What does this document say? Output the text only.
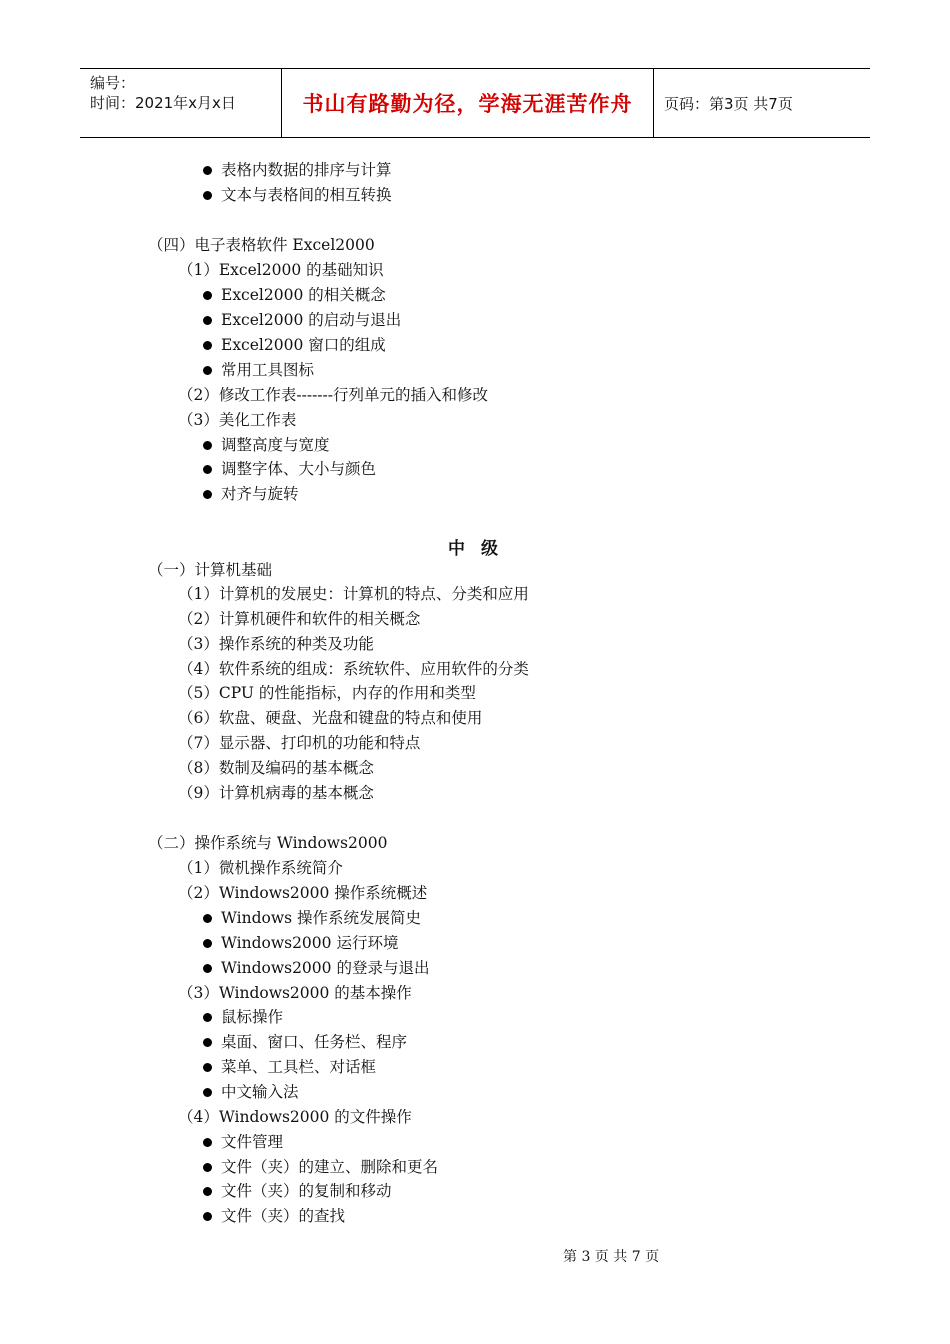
编号：
时间：2021年x月x日	书山有路勤为径，学海无涯苦作舟	页码：第3页 共7页
表格内数据的排序与计算
文本与表格间的相互转换
（四）电子表格软件 Excel2000
（1）Excel2000 的基础知识
Excel2000 的相关概念
Excel2000 的启动与退出
Excel2000 窗口的组成
常用工具图标
（2）修改工作表-------行列单元的插入和修改
（3）美化工作表
调整高度与宽度
调整字体、大小与颜色
对齐与旋转
（一）计算机基础
（1）计算机的发展史：计算机的特点、分类和应用
（2）计算机硬件和软件的相关概念
（3）操作系统的种类及功能
（4）软件系统的组成：系统软件、应用软件的分类
（5）CPU 的性能指标，内存的作用和类型
（6）软盘、硬盘、光盘和键盘的特点和使用
（7）显示器、打印机的功能和特点
（8）数制及编码的基本概念
（9）计算机病毒的基本概念
（二）操作系统与 Windows2000
（1）微机操作系统简介
（2）Windows2000 操作系统概述
Windows 操作系统发展简史
Windows2000 运行环境
Windows2000 的登录与退出
（3）Windows2000 的基本操作
鼠标操作
桌面、窗口、任务栏、程序
菜单、工具栏、对话框
中文输入法
（4）Windows2000 的文件操作
文件管理
文件（夹）的建立、删除和更名
文件（夹）的复制和移动
文件（夹）的查找
中级
第 3 页 共 7 页
